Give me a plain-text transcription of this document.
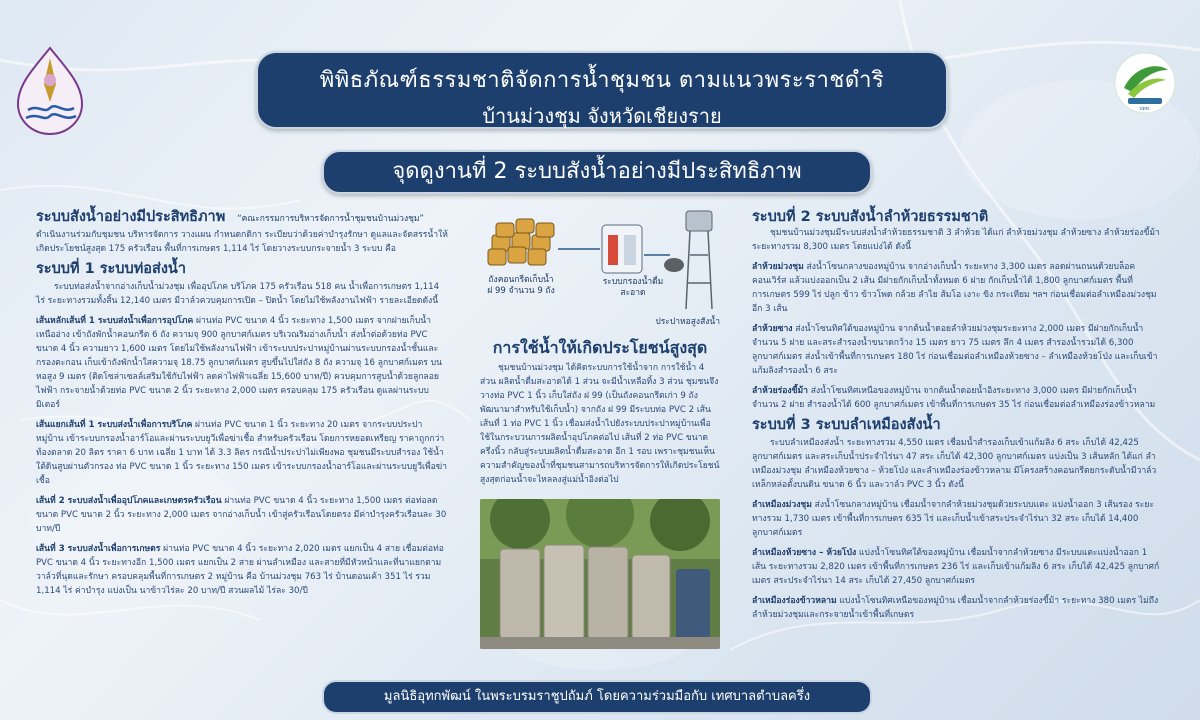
ปตท.
พิพิธภัณฑ์ธรรมชาติจัดการน้ำชุมชน ตามแนวพระราชดำริ
บ้านม่วงชุม จังหวัดเชียงราย
จุดดูงานที่ 2 ระบบสังน้ำอย่างมีประสิทธิภาพ
ระบบสังน้ำอย่างมีประสิทธิภาพ “คณะกรรมการบริหารจัดการน้ำชุมชนบ้านม่วงชุม”

ดำเนินงานร่วมกับชุมชน บริหารจัดการ วางแผน กำหนดกติกา ระเบียบว่าด้วยค่าบำรุงรักษา ดูแลและจัดสรรน้ำให้เกิดประโยชน์สูงสุด 175 ครัวเรือน พื้นที่การเกษตร 1,114 ไร่ โดยวางระบบกระจายน้ำ 3 ระบบ คือ

ระบบที่ 1 ระบบท่อส่งน้ำ

ระบบท่อส่งน้ำจากอ่างเก็บน้ำม่วงชุม เพื่ออุปโภค บริโภค 175 ครัวเรือน 518 คน น้ำเพื่อการเกษตร 1,114 ไร่ ระยะทางรวมทั้งสิ้น 12,140 เมตร มีวาล์วควบคุมการเปิด – ปิดน้ำ โดยไม่ใช้พลังงานไฟฟ้า รายละเอียดดังนี้

เส้นหลักเส้นที่ 1 ระบบส่งน้ำเพื่อการอุปโภค ผ่านท่อ PVC ขนาด 4 นิ้ว ระยะทาง 1,500 เมตร จากฝายเก็บน้ำเหนืออ่าง เข้าถังพักน้ำคอนกรีต 6 ถัง ความจุ 900 ลูกบาศก์เมตร บริเวณริมอ่างเก็บน้ำ ส่งน้ำต่อด้วยท่อ PVC ขนาด 4 นิ้ว ความยาว 1,600 เมตร โดยไม่ใช้พลังงานไฟฟ้า เข้าระบบประปาหมู่บ้านผ่านระบบกรองน้ำชั้นและกรองตะกอน เก็บเข้าถังพักน้ำใสความจุ 18.75 ลูกบาศก์เมตร สูบขึ้นไปใส่ถัง 8 ถัง ความจุ 16 ลูกบาศก์เมตร บนหอสูง 9 เมตร (ติดโซล่าเซลล์เสริมใช้กับไฟฟ้า ลดค่าไฟฟ้าเฉลี่ย 15,600 บาท/ปี) ควบคุมการสูบน้ำด้วยลูกลอยไฟฟ้า กระจายน้ำด้วยท่อ PVC ขนาด 2 นิ้ว ระยะทาง 2,000 เมตร ครอบคลุม 175 ครัวเรือน ดูแลผ่านระบบมิเตอร์

เส้นแยกเส้นที่ 1 ระบบส่งน้ำเพื่อการบริโภค ผ่านท่อ PVC ขนาด 1 นิ้ว ระยะทาง 20 เมตร จากระบบประปาหมู่บ้าน เข้าระบบกรองน้ำอาร์โอและผ่านระบบยูวีเพื่อฆ่าเชื้อ สำหรับครัวเรือน โดยการหยอดเหรียญ ราคาถูกกว่าท้องตลาด 20 ลิตร ราคา 6 บาท เฉลี่ย 1 บาท ได้ 3.3 ลิตร กรณีน้ำประปาไม่เพียงพอ ชุมชนมีระบบสำรอง ใช้น้ำใต้ดินสูบผ่านตัวกรอง ท่อ PVC ขนาด 1 นิ้ว ระยะทาง 150 เมตร เข้าระบบกรองน้ำอาร์โอและผ่านระบบยูวีเพื่อฆ่าเชื้อ

เส้นที่ 2 ระบบส่งน้ำเพื่ออุปโภคและเกษตรครัวเรือน ผ่านท่อ PVC ขนาด 4 นิ้ว ระยะทาง 1,500 เมตร ต่อท่อลดขนาด PVC ขนาด 2 นิ้ว ระยะทาง 2,000 เมตร จากอ่างเก็บน้ำ เข้าสู่ครัวเรือนโดยตรง มีค่าบำรุงครัวเรือนละ 30 บาท/ปี

เส้นที่ 3 ระบบส่งน้ำเพื่อการเกษตร ผ่านท่อ PVC ขนาด 4 นิ้ว ระยะทาง 2,020 เมตร แยกเป็น 4 สาย เชื่อมต่อท่อ PVC ขนาด 4 นิ้ว ระยะทางอีก 1,500 เมตร แยกเป็น 2 สาย ผ่านลำเหมือง และสายที่มีหัวหน้าและที่นาแยกตามวาล์วที่นุดและรักษา ครอบคลุมพื้นที่การเกษตร 2 หมู่บ้าน คือ บ้านม่วงชุม 763 ไร่ บ้านดอนเค้า 351 ไร่ รวม 1,114 ไร่ ค่าบำรุง แบ่งเป็น นาข้าวไร่ละ 20 บาท/ปี สวนผลไม้ ไร่ละ 30/ปี

ถังคอนกรีตเก็บน้ำ ฝ 99 จำนวน 9 ถัง
ระบบกรองน้ำดื่ม สะอาด
ประปาหอสูงสังน้ำ
การใช้น้ำให้เกิดประโยชน์สูงสุด

ชุมชนบ้านม่วงชุม ได้คิดระบบการใช้น้ำจาก การใช้น้ำ 4 ส่วน ผลิตน้ำดื่มสะอาดได้ 1 ส่วน จะมีน้ำเหลือทิ้ง 3 ส่วน ชุมชนจึงวางท่อ PVC 1 นิ้ว เก็บใส่ถัง ฝ 99 (เป็นถังคอนกรีตเก่า 9 ถัง พัฒนามาสำหรับใช้เก็บน้ำ) จากถัง ฝ 99 มีระบบท่อ PVC 2 เส้น เส้นที่ 1 ท่อ PVC 1 นิ้ว เชื่อมส่งน้ำไปยังระบบประปาหมู่บ้านเพื่อใช้ในกระบวนการผลิตน้ำอุปโภคต่อไป เส้นที่ 2 ท่อ PVC ขนาดครึ่งนิ้ว กลับสู่ระบบผลิตน้ำดื่มสะอาด อีก 1 รอบ เพราะชุมชนเห็นความสำคัญของน้ำที่ชุมชนสามารถบริหารจัดการให้เกิดประโยชน์สูงสุดก่อนน้ำจะไหลลงสู่แม่น้ำอิงต่อไป

ระบบที่ 2 ระบบสังน้ำลำห้วยธรรมชาติ

ชุมชนบ้านม่วงชุมมีระบบส่งน้ำลำห้วยธรรมชาติ 3 ลำห้วย ได้แก่ ลำห้วยม่วงชุม ลำห้วยซาง ลำห้วยร่องขี้ม้า ระยะทางรวม 8,300 เมตร โดยแบ่งได้ ดังนี้

ลำห้วยม่วงชุม ส่งน้ำโซนกลางของหมู่บ้าน จากอ่างเก็บน้ำ ระยะทาง 3,300 เมตร ลอดผ่านถนนด้วยบล็อคคอนเวิร์ส แล้วแบ่งออกเป็น 2 เส้น มีฝายกักเก็บน้ำทั้งหมด 6 ฝาย กักเก็บน้ำได้ 1,800 ลูกบาศก์เมตร พื้นที่การเกษตร 599 ไร่ ปลูก ข้าว ข้าวโพด กล้วย ลำไย ส้มโอ เงาะ ขิง กระเทียม ฯลฯ ก่อนเชื่อมต่อลำเหมืองม่วงชุม อีก 3 เส้น

ลำห้วยซาง ส่งน้ำโซนทิศใต้ของหมู่บ้าน จากต้นน้ำดอยลำห้วยม่วงชุมระยะทาง 2,000 เมตร มีฝายกักเก็บน้ำจำนวน 5 ฝาย และสระสำรองน้ำขนาดกว้าง 15 เมตร ยาว 75 เมตร ลึก 4 เมตร สำรองน้ำรวมได้ 6,300 ลูกบาศก์เมตร ส่งน้ำเข้าพื้นที่การเกษตร 180 ไร่ ก่อนเชื่อมต่อลำเหมืองห้วยซาง – ลำเหมืองห้วยโป่ง และเก็บเข้าแก้มลิงสำรองน้ำ 6 สระ

ลำห้วยร่องขี้ม้า ส่งน้ำโซนทิศเหนือของหมู่บ้าน จากต้นน้ำดอยน้ำอิงระยะทาง 3,000 เมตร มีฝายกักเก็บน้ำจำนวน 2 ฝาย สำรองน้ำได้ 600 ลูกบาศก์เมตร เข้าพื้นที่การเกษตร 35 ไร่ ก่อนเชื่อมต่อลำเหมืองร่องข้าวหลาม

ระบบที่ 3 ระบบลำเหมืองสังน้ำ

ระบบลำเหมืองส่งน้ำ ระยะทางรวม 4,550 เมตร เชื่อมน้ำสำรองเก็บเข้าแก้มลิง 6 สระ เก็บได้ 42,425 ลูกบาศก์เมตร และสระเก็บน้ำประจำไร่นา 47 สระ เก็บได้ 42,300 ลูกบาศก์เมตร แบ่งเป็น 3 เส้นหลัก ได้แก่ ลำเหมืองม่วงชุม ลำเหมืองห้วยซาง – ห้วยโป่ง และลำเหมืองร่องข้าวหลาม มีโครงสร้างคอนกรีตยกระดับน้ำมีวาล์วเหล็กหล่อตั้งบนดิน ขนาด 6 นิ้ว และวาล์ว PVC 3 นิ้ว ดังนี้

ลำเหมืองม่วงชุม ส่งน้ำโซนกลางหมู่บ้าน เชื่อมน้ำจากลำห้วยม่วงชุมด้วยระบบแตะ แบ่งน้ำออก 3 เส้นรอง ระยะทางรวม 1,730 เมตร เข้าพื้นที่การเกษตร 635 ไร่ และเก็บน้ำเข้าสระประจำไร่นา 32 สระ เก็บได้ 14,400 ลูกบาศก์เมตร

ลำเหมืองห้วยซาง – ห้วยโป่ง แบ่งน้ำโซนทิศใต้ของหมู่บ้าน เชื่อมน้ำจากลำห้วยซาง มีระบบแตะแบ่งน้ำออก 1 เส้น ระยะทางรวม 2,820 เมตร เข้าพื้นที่การเกษตร 236 ไร่ และเก็บเข้าแก้มลิง 6 สระ เก็บได้ 42,425 ลูกบาศก์เมตร สระประจำไร่นา 14 สระ เก็บได้ 27,450 ลูกบาศก์เมตร

ลำเหมืองร่องข้าวหลาม แบ่งน้ำโซนทิศเหนือของหมู่บ้าน เชื่อมน้ำจากลำห้วยร่องขี้ม้า ระยะทาง 380 เมตร ไม่ถึงลำห้วยม่วงชุมและกระจายน้ำเข้าพื้นที่เกษตร

มูลนิธิอุทกพัฒน์ ในพระบรมราชูปถัมภ์ โดยความร่วมมือกับ เทศบาลตำบลครึ่ง
